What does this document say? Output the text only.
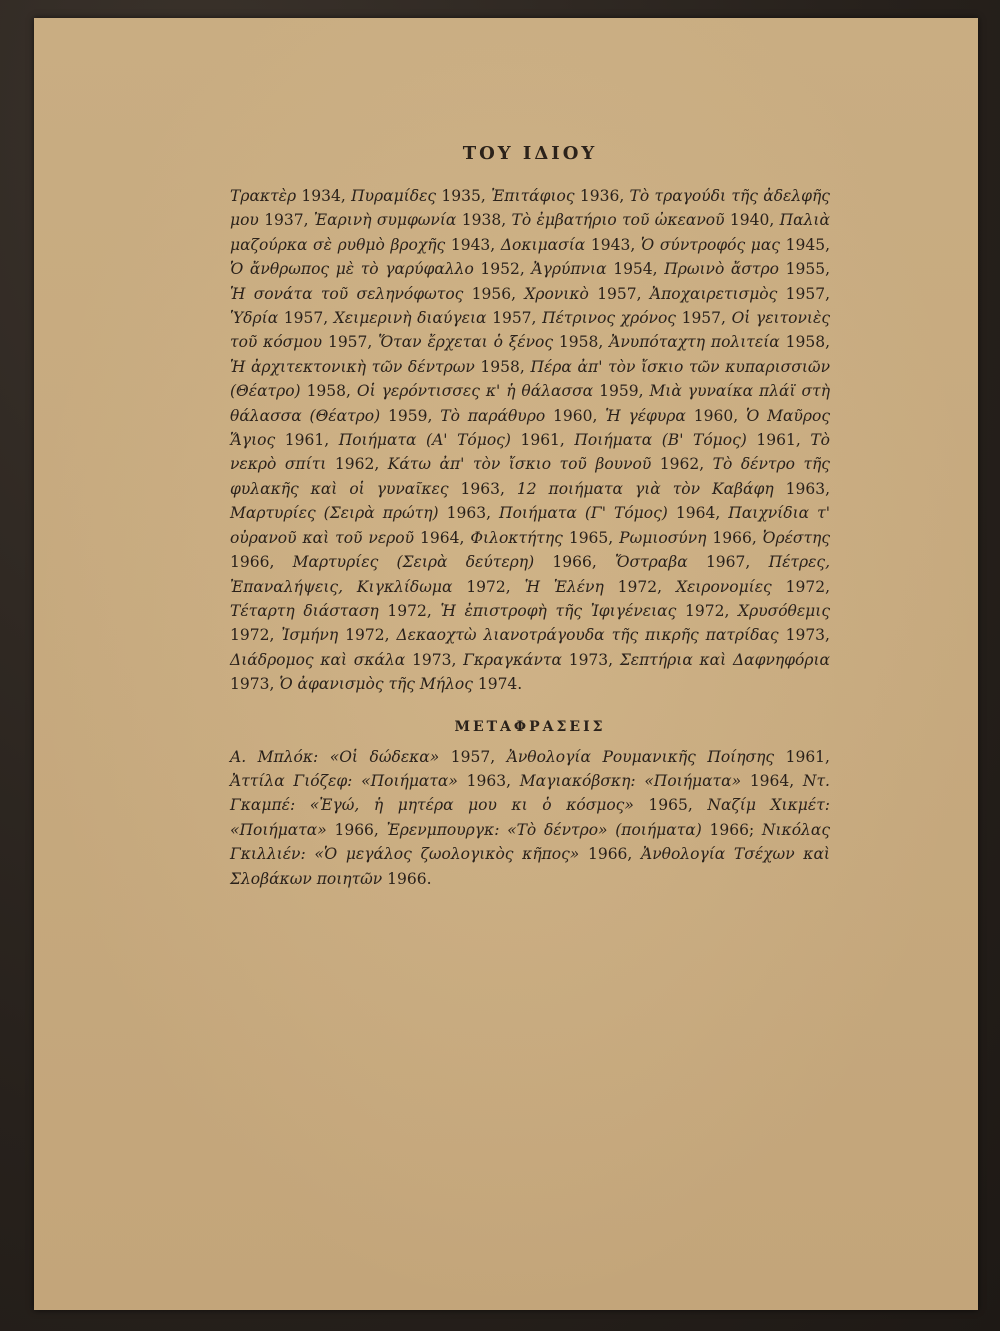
ΤΟΥ ΙΔΙΟΥ

Τρακτὲρ 1934, Πυραμίδες 1935, Ἐπιτάφιος 1936, Τὸ τραγούδι τῆς ἀδελφῆς μου 1937, Ἐαρινὴ συμφωνία 1938, Τὸ ἐμβατήριο τοῦ ὠκεανοῦ 1940, Παλιὰ μαζούρκα σὲ ρυθμὸ βροχῆς 1943, Δοκιμασία 1943, Ὁ σύντροφός μας 1945, Ὁ ἄνθρωπος μὲ τὸ γαρύφαλλο 1952, Ἀγρύπνια 1954, Πρωινὸ ἄστρο 1955, Ἡ σονάτα τοῦ σεληνόφωτος 1956, Χρονικὸ 1957, Ἀποχαιρετισμὸς 1957, Ὑδρία 1957, Χειμερινὴ διαύγεια 1957, Πέτρινος χρόνος 1957, Οἱ γειτονιὲς τοῦ κόσμου 1957, Ὅταν ἔρχεται ὁ ξένος 1958, Ἀνυπόταχτη πολιτεία 1958, Ἡ ἀρχιτεκτονικὴ τῶν δέντρων 1958, Πέρα ἀπ' τὸν ἴσκιο τῶν κυπαρισσιῶν (Θέατρο) 1958, Οἱ γερόντισσες κ' ἡ θάλασσα 1959, Μιὰ γυναίκα πλάϊ στὴ θάλασσα (Θέατρο) 1959, Τὸ παράθυρο 1960, Ἡ γέφυρα 1960, Ὁ Μαῦρος Ἅγιος 1961, Ποιήματα (Α' Τόμος) 1961, Ποιήματα (Β' Τόμος) 1961, Τὸ νεκρὸ σπίτι 1962, Κάτω ἀπ' τὸν ἴσκιο τοῦ βουνοῦ 1962, Τὸ δέντρο τῆς φυλακῆς καὶ οἱ γυναῖκες 1963, 12 ποιήματα γιὰ τὸν Καβάφη 1963, Μαρτυρίες (Σειρὰ πρώτη) 1963, Ποιήματα (Γ' Τόμος) 1964, Παιχνίδια τ' οὐρανοῦ καὶ τοῦ νεροῦ 1964, Φιλοκτήτης 1965, Ρωμιοσύνη 1966, Ὀρέστης 1966, Μαρτυρίες (Σειρὰ δεύτερη) 1966, Ὄστραβα 1967, Πέτρες, Ἐπαναλήψεις, Κιγκλίδωμα 1972, Ἡ Ἑλένη 1972, Χειρονομίες 1972, Τέταρτη διάσταση 1972, Ἡ ἐπιστροφὴ τῆς Ἰφιγένειας 1972, Χρυσόθεμις 1972, Ἰσμήνη 1972, Δεκαοχτὼ λιανοτράγουδα τῆς πικρῆς πατρίδας 1973, Διάδρομος καὶ σκάλα 1973, Γκραγκάντα 1973, Σεπτήρια καὶ Δαφνηφόρια 1973, Ὁ ἀφανισμὸς τῆς Μήλος 1974.

ΜΕΤΑΦΡΑΣΕΙΣ

Α. Μπλόκ: «Οἱ δώδεκα» 1957, Ἀνθολογία Ρουμανικῆς Ποίησης 1961, Ἀττίλα Γιόζεφ: «Ποιήματα» 1963, Μαγιακόβσκη: «Ποιήματα» 1964, Ντ. Γκαμπέ: «Ἐγώ, ἡ μητέρα μου κι ὁ κόσμος» 1965, Ναζίμ Χικμέτ: «Ποιήματα» 1966, Ἐρενμπουργκ: «Τὸ δέντρο» (ποιήματα) 1966; Νικόλας Γκιλλιέν: «Ὁ μεγάλος ζωολογικὸς κῆπος» 1966, Ἀνθολογία Τσέχων καὶ Σλοβάκων ποιητῶν 1966.
